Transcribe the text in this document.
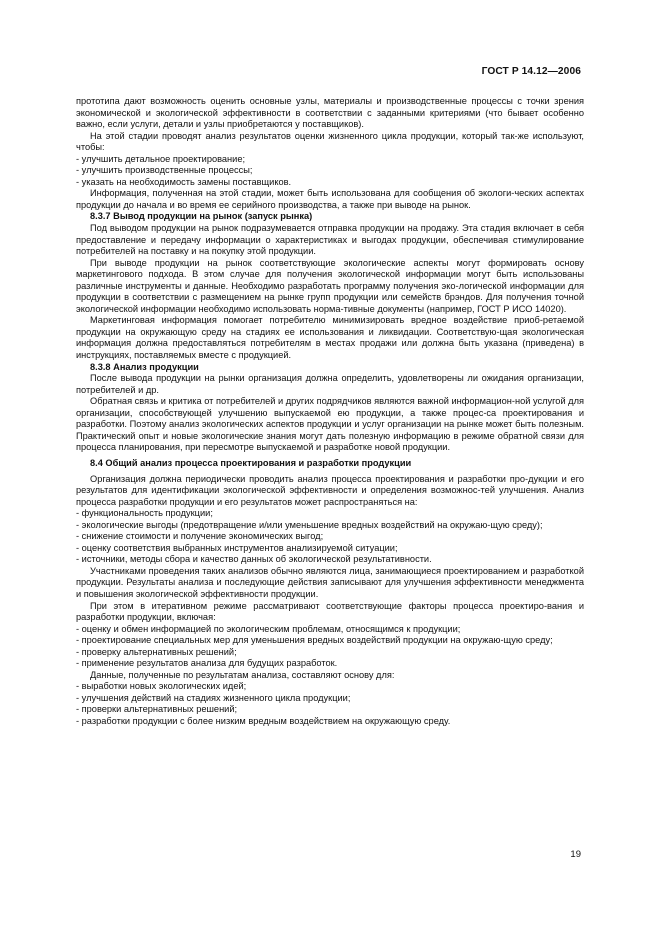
ГОСТ Р 14.12—2006

прототипа дают возможность оценить основные узлы, материалы и производственные процессы с точки зрения экономической и экологической эффективности в соответствии с заданными критериями (что бывает особенно важно, если услуги, детали и узлы приобретаются у поставщиков).

На этой стадии проводят анализ результатов оценки жизненного цикла продукции, который так-же используют, чтобы:

- улучшить детальное проектирование;
- улучшить производственные процессы;
- указать на необходимость замены поставщиков.

Информация, полученная на этой стадии, может быть использована для сообщения об экологи-ческих аспектах продукции до начала и во время ее серийного производства, а также при выводе на рынок.

8.3.7 Вывод продукции на рынок (запуск рынка)

Под выводом продукции на рынок подразумевается отправка продукции на продажу. Эта стадия включает в себя предоставление и передачу информации о характеристиках и выгодах продукции, обеспечивая стимулирование потребителей на поставку и на покупку этой продукции.

При выводе продукции на рынок соответствующие экологические аспекты могут формировать основу маркетингового подхода. В этом случае для получения экологической информации могут быть использованы различные инструменты и данные. Необходимо разработать программу получения эко-логической информации для продукции в соответствии с размещением на рынке групп продукции или семейств брэндов. Для получения точной экологической информации необходимо использовать норма-тивные документы (например, ГОСТ Р ИСО 14020).

Маркетинговая информация помогает потребителю минимизировать вредное воздействие приоб-ретаемой продукции на окружающую среду на стадиях ее использования и ликвидации. Соответствую-щая экологическая информация должна предоставляться потребителям в местах продажи или должна быть указана (приведена) в инструкциях, поставляемых вместе с продукцией.

8.3.8 Анализ продукции

После вывода продукции на рынки организация должна определить, удовлетворены ли ожидания организации, потребителей и др.

Обратная связь и критика от потребителей и других подрядчиков являются важной информацион-ной услугой для организации, способствующей улучшению выпускаемой ею продукции, а также процес-са проектирования и разработки. Поэтому анализ экологических аспектов продукции и услуг организации на рынке может быть полезным. Практический опыт и новые экологические знания могут дать полезную информацию в режиме обратной связи для процесса планирования, при пересмотре выпускаемой и разработке новой продукции.

8.4 Общий анализ процесса проектирования и разработки продукции

Организация должна периодически проводить анализ процесса проектирования и разработки про-дукции и его результатов для идентификации экологической эффективности и определения возможнос-тей улучшения. Анализ процесса разработки продукции и его результатов может распространяться на:

- функциональность продукции;
- экологические выгоды (предотвращение и/или уменьшение вредных воздействий на окружаю-щую среду);
- снижение стоимости и получение экономических выгод;
- оценку соответствия выбранных инструментов анализируемой ситуации;
- источники, методы сбора и качество данных об экологической результативности.

Участниками проведения таких анализов обычно являются лица, занимающиеся проектированием и разработкой продукции. Результаты анализа и последующие действия записывают для улучшения эффективности менеджмента и повышения экологической эффективности продукции.

При этом в итеративном режиме рассматривают соответствующие факторы процесса проектиро-вания и разработки продукции, включая:

- оценку и обмен информацией по экологическим проблемам, относящимся к продукции;
- проектирование специальных мер для уменьшения вредных воздействий продукции на окружаю-щую среду;
- проверку альтернативных решений;
- применение результатов анализа для будущих разработок.

Данные, полученные по результатам анализа, составляют основу для:

- выработки новых экологических идей;
- улучшения действий на стадиях жизненного цикла продукции;
- проверки альтернативных решений;
- разработки продукции с более низким вредным воздействием на окружающую среду.
19
